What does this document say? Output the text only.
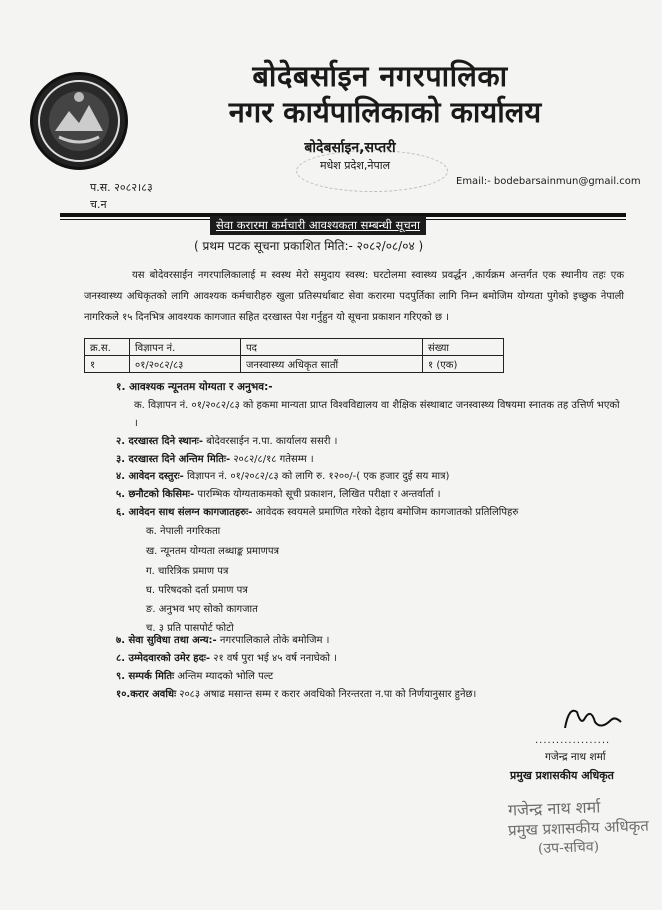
बोदेबर्साइन नगरपालिका
नगर कार्यपालिकाको कार्यालय
बोदेबर्साइन,सप्तरी
मधेश प्रदेश,नेपाल
प.स. २०८२।८३
च.न
Email:- bodebarsainmun@gmail.com
सेवा करारमा कर्मचारी आवश्यकता सम्बन्धी सूचना
( प्रथम पटक सूचना प्रकाशित मिति:- २०८२/०८/०४ )
यस बोदेवरसाईन नगरपालिकालाई म स्वस्थ मेरो समुदाय स्वस्थ: घरटोलमा स्वास्थ्य प्रवर्द्धन ,कार्यक्रम अन्तर्गत एक स्थानीय तहः एक जनस्वास्थ्य अधिकृतको लागि आवश्यक कर्मचारीहरु खुला प्रतिस्पर्धाबाट सेवा करारमा पदपुर्तिका लागि निम्न बमोजिम योग्यता पुगेको इच्छुक नेपाली नागरिकले १५ दिनभित्र आवश्यक कागजात सहित दरखास्त पेश गर्नुहुन यो सूचना प्रकाशन गरिएको छ ।
क्र.स.	विज्ञापन नं.	पद	संख्या
१	०१/२०८२/८३	जनस्वास्थ्य अधिकृत सातौं	१ (एक)
१. आवश्यक न्यूनतम योग्यता र अनुभव:-
क. विज्ञापन नं. ०१/२०८२/८३ को हकमा मान्यता प्राप्त विश्वविद्यालय वा शैक्षिक संस्थाबाट जनस्वास्थ्य विषयमा स्नातक तह उत्तिर्ण भएको ।
२. दरखास्त दिने स्थानः- बोदेवरसाईन न.पा. कार्यालय ससरी ।
३. दरखास्त दिने अन्तिम मितिः- २०८२/८/१८ गतेसम्म ।
४. आवेदन दस्तुरः- विज्ञापन नं. ०१/२०८२/८३ को लागि रु. १२००/-( एक हजार दुई सय मात्र)
५. छनौटको किसिमः- पारम्भिक योग्यताकमको सूची प्रकाशन, लिखित परीक्षा र अन्तर्वार्ता ।
६. आवेदन साथ संलग्न कागजातहरुः- आवेदक स्वयमले प्रमाणित गरेको देहाय बमोजिम कागजातको प्रतिलिपिहरु
क. नेपाली नगरिकता
ख. न्यूनतम योग्यता लब्धाङ्क प्रमाणपत्र
ग. चारित्रिक प्रमाण पत्र
घ. परिषदको दर्ता प्रमाण पत्र
ङ. अनुभव भए सोको कागजात
च. ३ प्रति पासपोर्ट फोटो
७. सेवा सुविधा तथा अन्य:- नगरपालिकाले तोके बमोजिम ।
८. उम्मेदवारको उमेर हदः- २१ वर्ष पुरा भई ४५ वर्ष ननाघेको ।
९. सम्पर्क मितिः अन्तिम म्यादको भोलि पल्ट
१०.करार अवधिः २०८३ अषाढ मसान्त सम्म र करार अवधिको निरन्तरता न.पा को निर्णयानुसार हुनेछ।
..................
गजेन्द्र नाथ शर्मा
प्रमुख प्रशासकीय अधिकृत
गजेन्द्र नाथ शर्मा
प्रमुख प्रशासकीय अधिकृत
(उप-सचिव)
